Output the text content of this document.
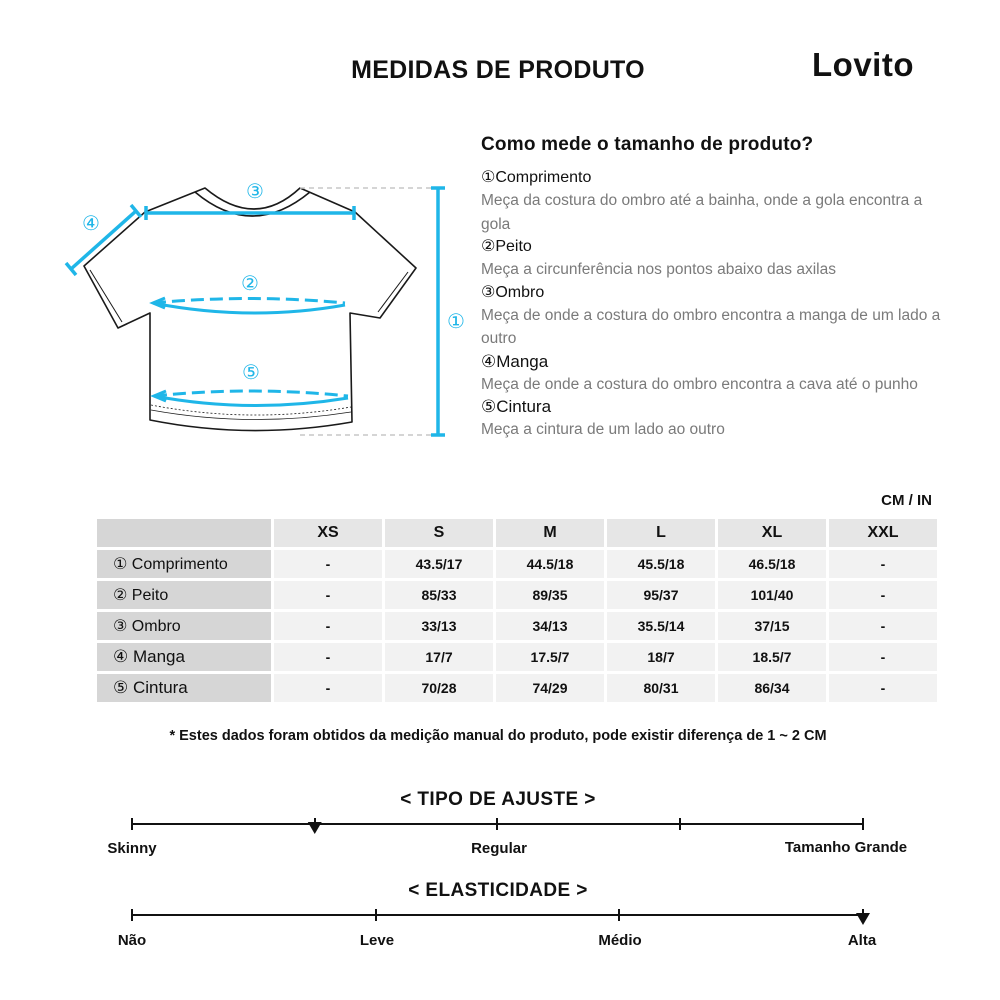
MEDIDAS DE PRODUTO	Lovito
①
②
③
④
⑤
Como mede o tamanho de produto?
①Comprimento
Meça da costura do ombro até a bainha, onde a gola encontra a gola
②Peito
Meça a circunferência nos pontos abaixo das axilas
③Ombro
Meça de onde a costura do ombro encontra a manga de um lado a outro
④Manga
Meça de onde a costura do ombro encontra a cava até o punho
⑤Cintura
Meça a cintura de um lado ao outro
CM / IN
	XS	S	M	L	XL	XXL
① Comprimento	-	43.5/17	44.5/18	45.5/18	46.5/18	-
② Peito	-	85/33	89/35	95/37	101/40	-
③ Ombro	-	33/13	34/13	35.5/14	37/15	-
④ Manga	-	17/7	17.5/7	18/7	18.5/7	-
⑤ Cintura	-	70/28	74/29	80/31	86/34	-
* Estes dados foram obtidos da medição manual do produto, pode existir diferença de 1 ~ 2 CM
< TIPO DE AJUSTE >
Skinny	Regular	Tamanho Grande
< ELASTICIDADE >
Não	Leve	Médio	Alta
